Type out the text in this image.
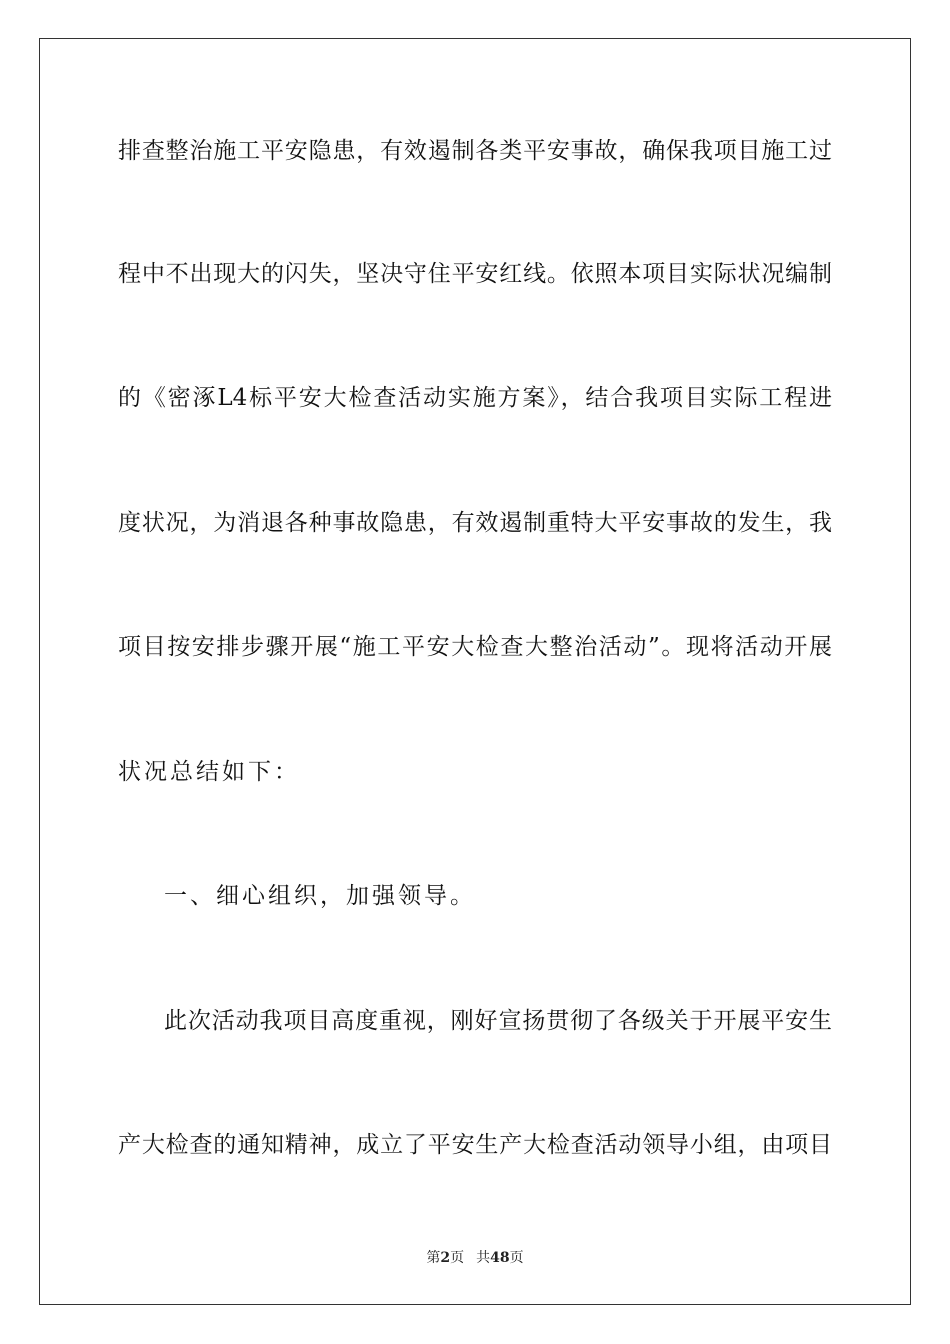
排查整治施工平安隐患，有效遏制各类平安事故，确保我项目施工过
程中不出现大的闪失，坚决守住平安红线。依照本项目实际状况编制
的《密涿L4标平安大检查活动实施方案》，结合我项目实际工程进
度状况，为消退各种事故隐患，有效遏制重特大平安事故的发生，我
项目按安排步骤开展“施工平安大检查大整治活动”。现将活动开展
状况总结如下：
一、细心组织，加强领导。
此次活动我项目高度重视，刚好宣扬贯彻了各级关于开展平安生
产大检查的通知精神，成立了平安生产大检查活动领导小组，由项目
第2页 共48页
